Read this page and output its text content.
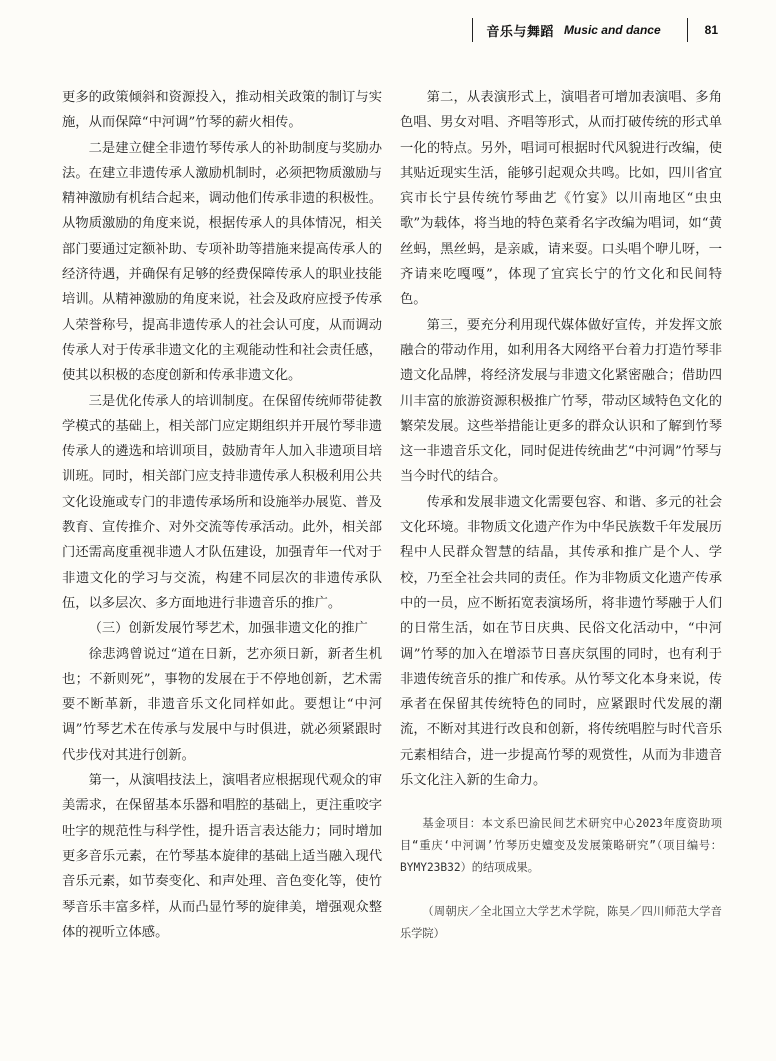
音乐与舞蹈 Music and dance	81

更多的政策倾斜和资源投入，推动相关政策的制订与实施，从而保障“中河调”竹琴的薪火相传。

二是建立健全非遗竹琴传承人的补助制度与奖励办法。在建立非遗传承人激励机制时，必须把物质激励与精神激励有机结合起来，调动他们传承非遗的积极性。从物质激励的角度来说，根据传承人的具体情况，相关部门要通过定额补助、专项补助等措施来提高传承人的经济待遇，并确保有足够的经费保障传承人的职业技能培训。从精神激励的角度来说，社会及政府应授予传承人荣誉称号，提高非遗传承人的社会认可度，从而调动传承人对于传承非遗文化的主观能动性和社会责任感，使其以积极的态度创新和传承非遗文化。

三是优化传承人的培训制度。在保留传统师带徒教学模式的基础上，相关部门应定期组织并开展竹琴非遗传承人的遴选和培训项目，鼓励青年人加入非遗项目培训班。同时，相关部门应支持非遗传承人积极利用公共文化设施或专门的非遗传承场所和设施举办展览、普及教育、宣传推介、对外交流等传承活动。此外，相关部门还需高度重视非遗人才队伍建设，加强青年一代对于非遗文化的学习与交流，构建不同层次的非遗传承队伍，以多层次、多方面地进行非遗音乐的推广。

（三）创新发展竹琴艺术，加强非遗文化的推广

徐悲鸿曾说过“道在日新，艺亦须日新，新者生机也；不新则死”，事物的发展在于不停地创新，艺术需要不断革新，非遗音乐文化同样如此。要想让“中河调”竹琴艺术在传承与发展中与时俱进，就必须紧跟时代步伐对其进行创新。

第一，从演唱技法上，演唱者应根据现代观众的审美需求，在保留基本乐器和唱腔的基础上，更注重咬字吐字的规范性与科学性，提升语言表达能力；同时增加更多音乐元素，在竹琴基本旋律的基础上适当融入现代音乐元素，如节奏变化、和声处理、音色变化等，使竹琴音乐丰富多样，从而凸显竹琴的旋律美，增强观众整体的视听立体感。

第二，从表演形式上，演唱者可增加表演唱、多角色唱、男女对唱、齐唱等形式，从而打破传统的形式单一化的特点。另外，唱词可根据时代风貌进行改编，使其贴近现实生活，能够引起观众共鸣。比如，四川省宜宾市长宁县传统竹琴曲艺《竹宴》以川南地区“虫虫歌”为载体，将当地的特色菜肴名字改编为唱词，如“黄丝蚂，黑丝蚂，是亲戚，请来耍。口头唱个咿儿呀，一齐请来吃嘎嘎”，体现了宜宾长宁的竹文化和民间特色。

第三，要充分利用现代媒体做好宣传，并发挥文旅融合的带动作用，如利用各大网络平台着力打造竹琴非遗文化品牌，将经济发展与非遗文化紧密融合；借助四川丰富的旅游资源积极推广竹琴，带动区域特色文化的繁荣发展。这些举措能让更多的群众认识和了解到竹琴这一非遗音乐文化，同时促进传统曲艺“中河调”竹琴与当今时代的结合。

传承和发展非遗文化需要包容、和谐、多元的社会文化环境。非物质文化遗产作为中华民族数千年发展历程中人民群众智慧的结晶，其传承和推广是个人、学校，乃至全社会共同的责任。作为非物质文化遗产传承中的一员，应不断拓宽表演场所，将非遗竹琴融于人们的日常生活，如在节日庆典、民俗文化活动中，“中河调”竹琴的加入在增添节日喜庆氛围的同时，也有利于非遗传统音乐的推广和传承。从竹琴文化本身来说，传承者在保留其传统特色的同时，应紧跟时代发展的潮流，不断对其进行改良和创新，将传统唱腔与时代音乐元素相结合，进一步提高竹琴的观赏性，从而为非遗音乐文化注入新的生命力。

基金项目：本文系巴渝民间艺术研究中心2023年度资助项目“重庆‘中河调’竹琴历史嬗变及发展策略研究”（项目编号：BYMY23B32）的结项成果。

（周朝庆／全北国立大学艺术学院，陈昊／四川师范大学音乐学院）
